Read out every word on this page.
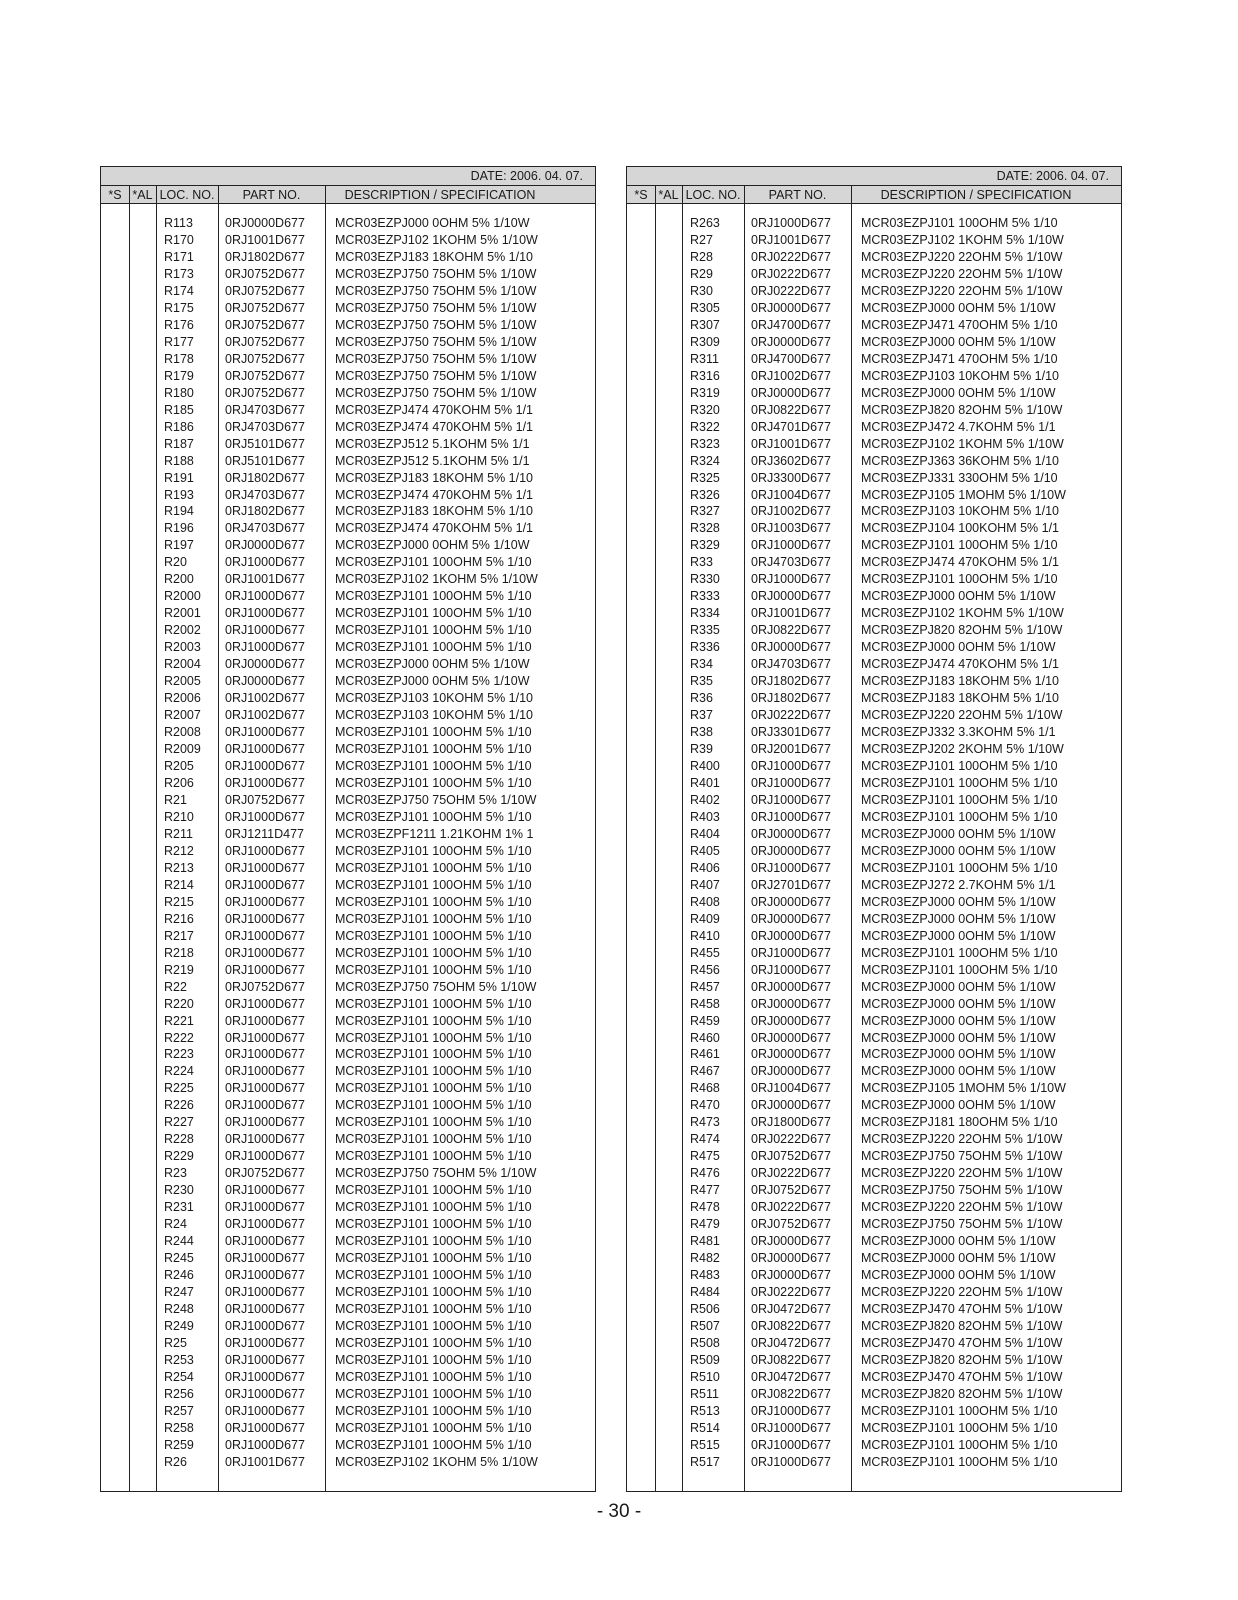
DATE: 2006. 04. 07.
*S *AL LOC. NO.	PART NO.	DESCRIPTION / SPECIFICATION
R113	0RJ0000D677 MCR03EZPJ000 0OHM 5% 1/10W
R170 0RJ1001D677 MCR03EZPJ102 1KOHM 5% 1/10W
R171 0RJ1802D677 MCR03EZPJ183 18KOHM 5% 1/10
R173 0RJ0752D677 MCR03EZPJ750 75OHM 5% 1/10W
R174 0RJ0752D677 MCR03EZPJ750 75OHM 5% 1/10W
R175 0RJ0752D677 MCR03EZPJ750 75OHM 5% 1/10W
R176 0RJ0752D677 MCR03EZPJ750 75OHM 5% 1/10W
R177 0RJ0752D677 MCR03EZPJ750 75OHM 5% 1/10W
R178 0RJ0752D677 MCR03EZPJ750 75OHM 5% 1/10W
R179 0RJ0752D677 MCR03EZPJ750 75OHM 5% 1/10W
R180 0RJ0752D677 MCR03EZPJ750 75OHM 5% 1/10W
R185 0RJ4703D677 MCR03EZPJ474 470KOHM 5% 1/1
R186 0RJ4703D677 MCR03EZPJ474 470KOHM 5% 1/1
R187 0RJ5101D677 MCR03EZPJ512 5.1KOHM 5% 1/1
R188 0RJ5101D677 MCR03EZPJ512 5.1KOHM 5% 1/1
R191 0RJ1802D677 MCR03EZPJ183 18KOHM 5% 1/10
R193 0RJ4703D677 MCR03EZPJ474 470KOHM 5% 1/1
R194 0RJ1802D677 MCR03EZPJ183 18KOHM 5% 1/10
R196 0RJ4703D677 MCR03EZPJ474 470KOHM 5% 1/1
R197 0RJ0000D677 MCR03EZPJ000 0OHM 5% 1/10W
R20	0RJ1000D677 MCR03EZPJ101 100OHM 5% 1/10
R200 0RJ1001D677 MCR03EZPJ102 1KOHM 5% 1/10W
R2000 0RJ1000D677 MCR03EZPJ101 100OHM 5% 1/10
R2001 0RJ1000D677 MCR03EZPJ101 100OHM 5% 1/10
R2002 0RJ1000D677 MCR03EZPJ101 100OHM 5% 1/10
R2003 0RJ1000D677 MCR03EZPJ101 100OHM 5% 1/10
R2004 0RJ0000D677 MCR03EZPJ000 0OHM 5% 1/10W
R2005 0RJ0000D677 MCR03EZPJ000 0OHM 5% 1/10W
R2006 0RJ1002D677 MCR03EZPJ103 10KOHM 5% 1/10
R2007 0RJ1002D677 MCR03EZPJ103 10KOHM 5% 1/10
R2008 0RJ1000D677 MCR03EZPJ101 100OHM 5% 1/10
R2009 0RJ1000D677 MCR03EZPJ101 100OHM 5% 1/10
R205 0RJ1000D677 MCR03EZPJ101 100OHM 5% 1/10
R206 0RJ1000D677 MCR03EZPJ101 100OHM 5% 1/10
R21	0RJ0752D677 MCR03EZPJ750 75OHM 5% 1/10W
R210 0RJ1000D677 MCR03EZPJ101 100OHM 5% 1/10
R211	0RJ1211D477 MCR03EZPF1211 1.21KOHM 1% 1
R212 0RJ1000D677 MCR03EZPJ101 100OHM 5% 1/10
R213 0RJ1000D677 MCR03EZPJ101 100OHM 5% 1/10
R214 0RJ1000D677 MCR03EZPJ101 100OHM 5% 1/10
R215 0RJ1000D677 MCR03EZPJ101 100OHM 5% 1/10
R216 0RJ1000D677 MCR03EZPJ101 100OHM 5% 1/10
R217 0RJ1000D677 MCR03EZPJ101 100OHM 5% 1/10
R218 0RJ1000D677 MCR03EZPJ101 100OHM 5% 1/10
R219 0RJ1000D677 MCR03EZPJ101 100OHM 5% 1/10
R22	0RJ0752D677 MCR03EZPJ750 75OHM 5% 1/10W
R220 0RJ1000D677 MCR03EZPJ101 100OHM 5% 1/10
R221 0RJ1000D677 MCR03EZPJ101 100OHM 5% 1/10
R222 0RJ1000D677 MCR03EZPJ101 100OHM 5% 1/10
R223 0RJ1000D677 MCR03EZPJ101 100OHM 5% 1/10
R224 0RJ1000D677 MCR03EZPJ101 100OHM 5% 1/10
R225 0RJ1000D677 MCR03EZPJ101 100OHM 5% 1/10
R226 0RJ1000D677 MCR03EZPJ101 100OHM 5% 1/10
R227 0RJ1000D677 MCR03EZPJ101 100OHM 5% 1/10
R228 0RJ1000D677 MCR03EZPJ101 100OHM 5% 1/10
R229 0RJ1000D677 MCR03EZPJ101 100OHM 5% 1/10
R23	0RJ0752D677 MCR03EZPJ750 75OHM 5% 1/10W
R230 0RJ1000D677 MCR03EZPJ101 100OHM 5% 1/10
R231 0RJ1000D677 MCR03EZPJ101 100OHM 5% 1/10
R24	0RJ1000D677 MCR03EZPJ101 100OHM 5% 1/10
R244 0RJ1000D677 MCR03EZPJ101 100OHM 5% 1/10
R245 0RJ1000D677 MCR03EZPJ101 100OHM 5% 1/10
R246 0RJ1000D677 MCR03EZPJ101 100OHM 5% 1/10
R247 0RJ1000D677 MCR03EZPJ101 100OHM 5% 1/10
R248 0RJ1000D677 MCR03EZPJ101 100OHM 5% 1/10
R249 0RJ1000D677 MCR03EZPJ101 100OHM 5% 1/10
R25	0RJ1000D677 MCR03EZPJ101 100OHM 5% 1/10
R253 0RJ1000D677 MCR03EZPJ101 100OHM 5% 1/10
R254 0RJ1000D677 MCR03EZPJ101 100OHM 5% 1/10
R256 0RJ1000D677 MCR03EZPJ101 100OHM 5% 1/10
R257 0RJ1000D677 MCR03EZPJ101 100OHM 5% 1/10
R258 0RJ1000D677 MCR03EZPJ101 100OHM 5% 1/10
R259 0RJ1000D677 MCR03EZPJ101 100OHM 5% 1/10
R26	0RJ1001D677 MCR03EZPJ102 1KOHM 5% 1/10W
DATE: 2006. 04. 07.
*S *AL LOC. NO.	PART NO.	DESCRIPTION / SPECIFICATION
R263 0RJ1000D677 MCR03EZPJ101 100OHM 5% 1/10
R27	0RJ1001D677 MCR03EZPJ102 1KOHM 5% 1/10W
R28	0RJ0222D677 MCR03EZPJ220 22OHM 5% 1/10W
R29	0RJ0222D677 MCR03EZPJ220 22OHM 5% 1/10W
R30	0RJ0222D677 MCR03EZPJ220 22OHM 5% 1/10W
R305 0RJ0000D677 MCR03EZPJ000 0OHM 5% 1/10W
R307 0RJ4700D677 MCR03EZPJ471 470OHM 5% 1/10
R309 0RJ0000D677 MCR03EZPJ000 0OHM 5% 1/10W
R311	0RJ4700D677 MCR03EZPJ471 470OHM 5% 1/10
R316 0RJ1002D677 MCR03EZPJ103 10KOHM 5% 1/10
R319 0RJ0000D677 MCR03EZPJ000 0OHM 5% 1/10W
R320 0RJ0822D677 MCR03EZPJ820 82OHM 5% 1/10W
R322 0RJ4701D677 MCR03EZPJ472 4.7KOHM 5% 1/1
R323 0RJ1001D677 MCR03EZPJ102 1KOHM 5% 1/10W
R324 0RJ3602D677 MCR03EZPJ363 36KOHM 5% 1/10
R325 0RJ3300D677 MCR03EZPJ331 330OHM 5% 1/10
R326 0RJ1004D677 MCR03EZPJ105 1MOHM 5% 1/10W
R327 0RJ1002D677 MCR03EZPJ103 10KOHM 5% 1/10
R328 0RJ1003D677 MCR03EZPJ104 100KOHM 5% 1/1
R329 0RJ1000D677 MCR03EZPJ101 100OHM 5% 1/10
R33	0RJ4703D677 MCR03EZPJ474 470KOHM 5% 1/1
R330 0RJ1000D677 MCR03EZPJ101 100OHM 5% 1/10
R333 0RJ0000D677 MCR03EZPJ000 0OHM 5% 1/10W
R334 0RJ1001D677 MCR03EZPJ102 1KOHM 5% 1/10W
R335 0RJ0822D677 MCR03EZPJ820 82OHM 5% 1/10W
R336 0RJ0000D677 MCR03EZPJ000 0OHM 5% 1/10W
R34	0RJ4703D677 MCR03EZPJ474 470KOHM 5% 1/1
R35	0RJ1802D677 MCR03EZPJ183 18KOHM 5% 1/10
R36	0RJ1802D677 MCR03EZPJ183 18KOHM 5% 1/10
R37	0RJ0222D677 MCR03EZPJ220 22OHM 5% 1/10W
R38	0RJ3301D677 MCR03EZPJ332 3.3KOHM 5% 1/1
R39	0RJ2001D677 MCR03EZPJ202 2KOHM 5% 1/10W
R400 0RJ1000D677 MCR03EZPJ101 100OHM 5% 1/10
R401 0RJ1000D677 MCR03EZPJ101 100OHM 5% 1/10
R402 0RJ1000D677 MCR03EZPJ101 100OHM 5% 1/10
R403 0RJ1000D677 MCR03EZPJ101 100OHM 5% 1/10
R404 0RJ0000D677 MCR03EZPJ000 0OHM 5% 1/10W
R405 0RJ0000D677 MCR03EZPJ000 0OHM 5% 1/10W
R406 0RJ1000D677 MCR03EZPJ101 100OHM 5% 1/10
R407 0RJ2701D677 MCR03EZPJ272 2.7KOHM 5% 1/1
R408 0RJ0000D677 MCR03EZPJ000 0OHM 5% 1/10W
R409 0RJ0000D677 MCR03EZPJ000 0OHM 5% 1/10W
R410 0RJ0000D677 MCR03EZPJ000 0OHM 5% 1/10W
R455 0RJ1000D677 MCR03EZPJ101 100OHM 5% 1/10
R456 0RJ1000D677 MCR03EZPJ101 100OHM 5% 1/10
R457 0RJ0000D677 MCR03EZPJ000 0OHM 5% 1/10W
R458 0RJ0000D677 MCR03EZPJ000 0OHM 5% 1/10W
R459 0RJ0000D677 MCR03EZPJ000 0OHM 5% 1/10W
R460 0RJ0000D677 MCR03EZPJ000 0OHM 5% 1/10W
R461 0RJ0000D677 MCR03EZPJ000 0OHM 5% 1/10W
R467 0RJ0000D677 MCR03EZPJ000 0OHM 5% 1/10W
R468 0RJ1004D677 MCR03EZPJ105 1MOHM 5% 1/10W
R470 0RJ0000D677 MCR03EZPJ000 0OHM 5% 1/10W
R473 0RJ1800D677 MCR03EZPJ181 180OHM 5% 1/10
R474 0RJ0222D677 MCR03EZPJ220 22OHM 5% 1/10W
R475 0RJ0752D677 MCR03EZPJ750 75OHM 5% 1/10W
R476 0RJ0222D677 MCR03EZPJ220 22OHM 5% 1/10W
R477 0RJ0752D677 MCR03EZPJ750 75OHM 5% 1/10W
R478 0RJ0222D677 MCR03EZPJ220 22OHM 5% 1/10W
R479 0RJ0752D677 MCR03EZPJ750 75OHM 5% 1/10W
R481 0RJ0000D677 MCR03EZPJ000 0OHM 5% 1/10W
R482 0RJ0000D677 MCR03EZPJ000 0OHM 5% 1/10W
R483 0RJ0000D677 MCR03EZPJ000 0OHM 5% 1/10W
R484 0RJ0222D677 MCR03EZPJ220 22OHM 5% 1/10W
R506 0RJ0472D677 MCR03EZPJ470 47OHM 5% 1/10W
R507 0RJ0822D677 MCR03EZPJ820 82OHM 5% 1/10W
R508 0RJ0472D677 MCR03EZPJ470 47OHM 5% 1/10W
R509 0RJ0822D677 MCR03EZPJ820 82OHM 5% 1/10W
R510 0RJ0472D677 MCR03EZPJ470 47OHM 5% 1/10W
R511	0RJ0822D677 MCR03EZPJ820 82OHM 5% 1/10W
R513 0RJ1000D677 MCR03EZPJ101 100OHM 5% 1/10
R514 0RJ1000D677 MCR03EZPJ101 100OHM 5% 1/10
R515 0RJ1000D677 MCR03EZPJ101 100OHM 5% 1/10
R517 0RJ1000D677 MCR03EZPJ101 100OHM 5% 1/10
- 30 -
